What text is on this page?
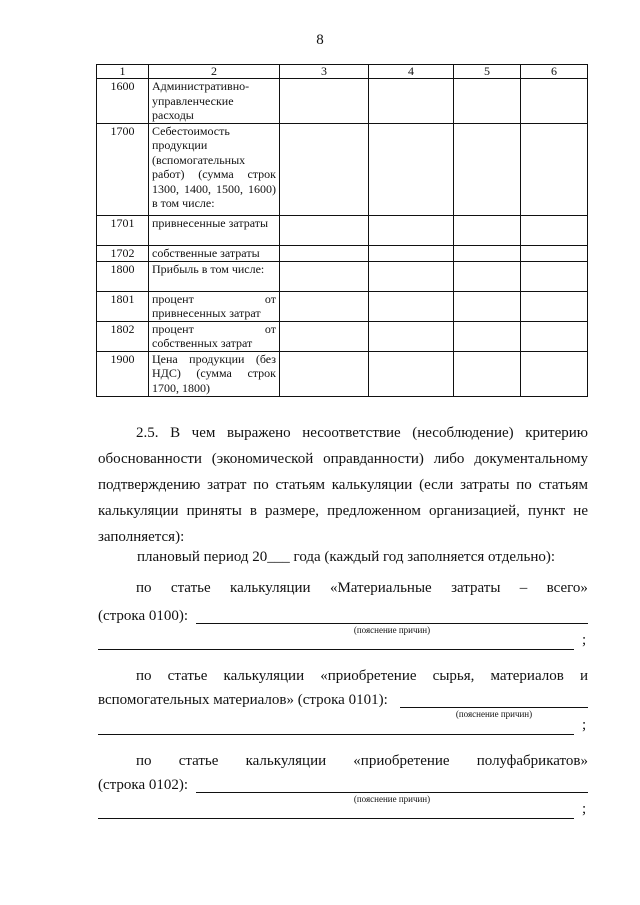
8
1	2	3	4	5	6
1600	Административно-управленческие расходы				
1700	Себестоимость продукции (вспомогательных работ) (сумма строк 1300, 1400, 1500, 1600) в том числе:				
1701	привнесенные затраты				
1702	собственные затраты				
1800	Прибыль в том числе:				
1801	процент от привнесенных затрат				
1802	процент от собственных затрат				
1900	Цена продукции (без НДС) (сумма строк 1700, 1800)				
2.5. В чем выражено несоответствие (несоблюдение) критерию обоснованности (экономической оправданности) либо документальному подтверждению затрат по статьям калькуляции (если затраты по статьям калькуляции приняты в размере, предложенном организацией, пункт не заполняется):
плановый период 20___ года (каждый год заполняется отдельно):
по статье калькуляции «Материальные затраты – всего»
(строка 0100):
(пояснение причин)
;
по статье калькуляции «приобретение сырья, материалов и
вспомогательных материалов» (строка 0101):
(пояснение причин)
;
по статье калькуляции «приобретение полуфабрикатов»
(строка 0102):
(пояснение причин)
;
